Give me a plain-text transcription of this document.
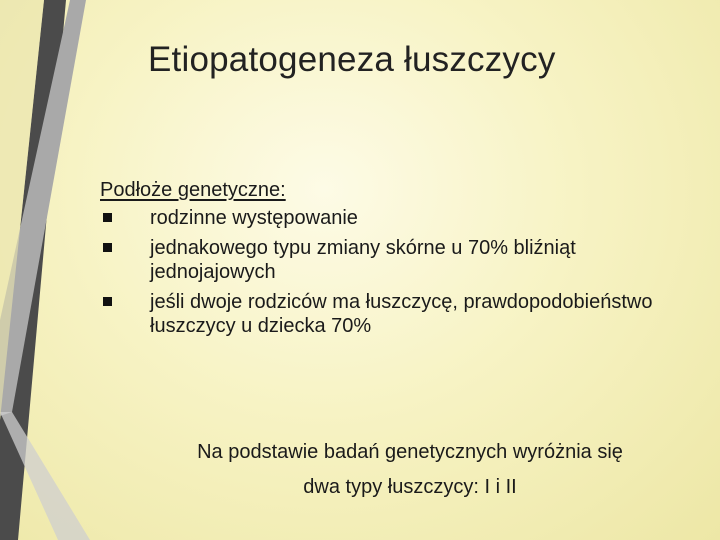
Etiopatogeneza łuszczycy
Podłoże genetyczne:
rodzinne występowanie
jednakowego typu zmiany skórne u 70% bliźniąt jednojajowych
jeśli dwoje rodziców ma łuszczycę, prawdopodobieństwo łuszczycy u dziecka 70%
Na podstawie badań genetycznych wyróżnia się
dwa typy łuszczycy: I i II
